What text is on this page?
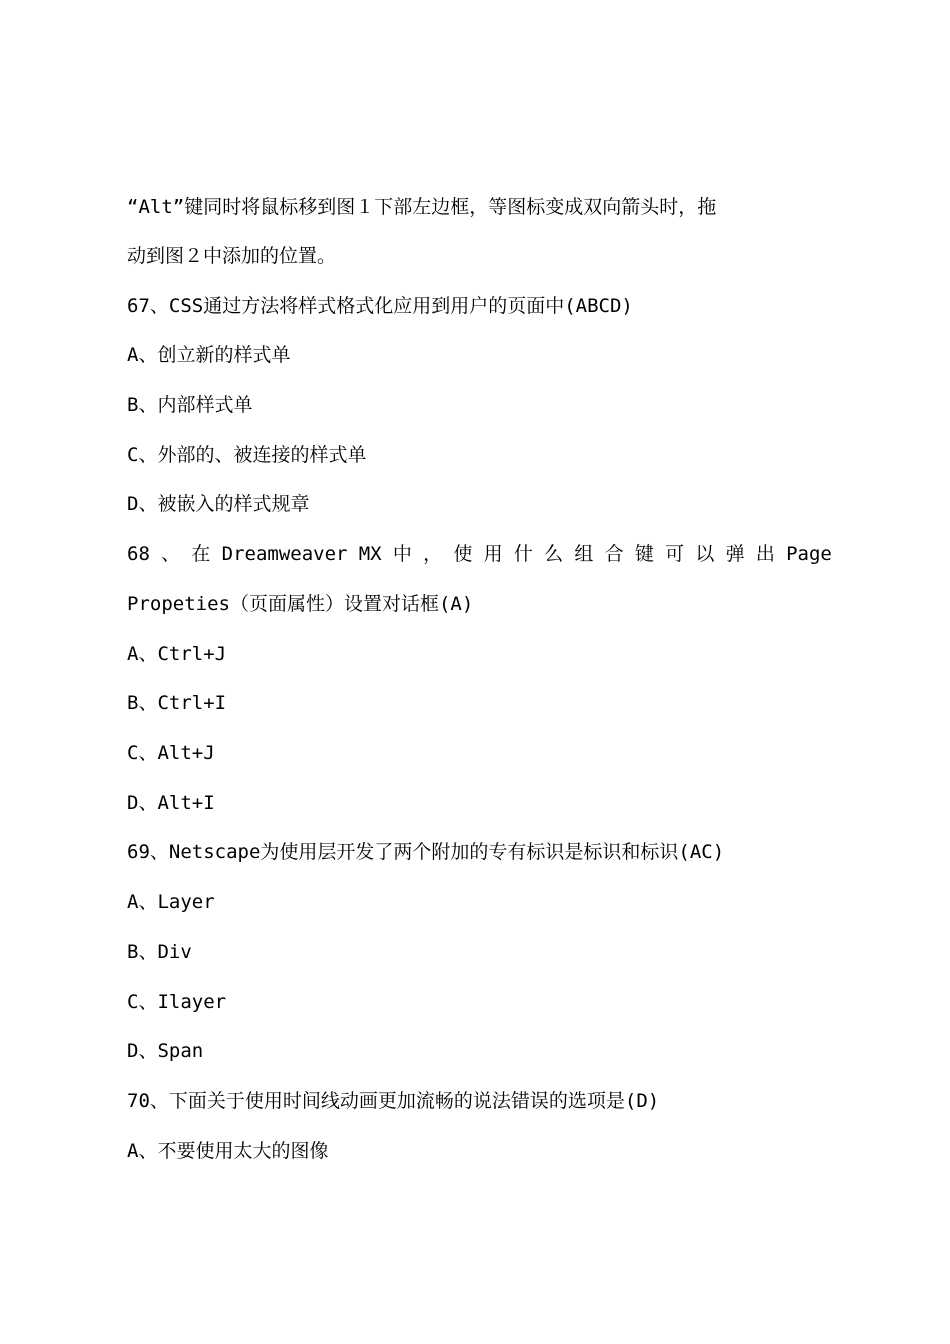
“Alt”键同时将鼠标移到图１下部左边框，等图标变成双向箭头时，拖
动到图２中添加的位置。
67、CSS通过方法将样式格式化应用到用户的页面中(ABCD)
A、创立新的样式单
B、内部样式单
C、外部的、被连接的样式单
D、被嵌入的样式规章
68 、 在 Dreamweaver MX 中 ， 使 用 什 么 组 合 键 可 以 弹 出 Page
Propeties（页面属性）设置对话框(A)
A、Ctrl+J
B、Ctrl+I
C、Alt+J
D、Alt+I
69、Netscape为使用层开发了两个附加的专有标识是标识和标识(AC)
A、Layer
B、Div
C、Ilayer
D、Span
70、下面关于使用时间线动画更加流畅的说法错误的选项是(D)
A、不要使用太大的图像
